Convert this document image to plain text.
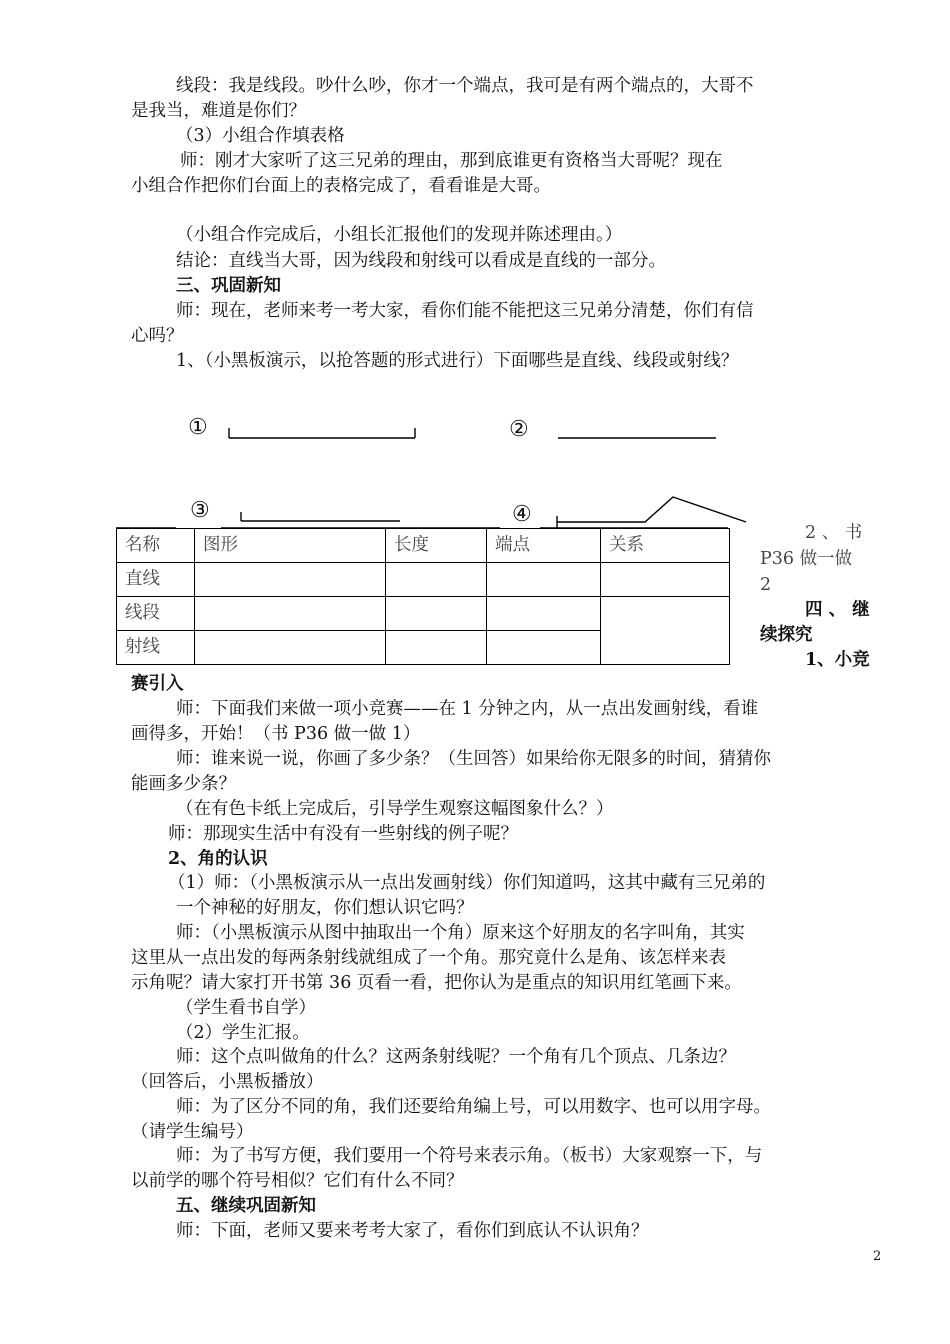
线段：我是线段。吵什么吵，你才一个端点，我可是有两个端点的，大哥不
是我当，难道是你们？
（3）小组合作填表格
师：刚才大家听了这三兄弟的理由，那到底谁更有资格当大哥呢？现在
小组合作把你们台面上的表格完成了，看看谁是大哥。
（小组合作完成后，小组长汇报他们的发现并陈述理由。）
结论：直线当大哥，因为线段和射线可以看成是直线的一部分。
三、巩固新知
师：现在，老师来考一考大家，看你们能不能把这三兄弟分清楚，你们有信
心吗？
1、（小黑板演示，以抢答题的形式进行）下面哪些是直线、线段或射线？
①	②
③	④
名称	图形	长度	端点	关系
直线				
线段				
射线				
2 、 书
P36 做一做
2
四 、 继
续探究
1、小竞
赛引入
师：下面我们来做一项小竞赛——在 1 分钟之内，从一点出发画射线，看谁
画得多，开始！（书 P36 做一做 1）
师：谁来说一说，你画了多少条？（生回答）如果给你无限多的时间，猜猜你
能画多少条？
（在有色卡纸上完成后，引导学生观察这幅图象什么？）
师：那现实生活中有没有一些射线的例子呢？
2、角的认识
（1）师：（小黑板演示从一点出发画射线）你们知道吗，这其中藏有三兄弟的
一个神秘的好朋友，你们想认识它吗？
师：（小黑板演示从图中抽取出一个角）原来这个好朋友的名字叫角，其实
这里从一点出发的每两条射线就组成了一个角。那究竟什么是角、该怎样来表
示角呢？请大家打开书第 36 页看一看，把你认为是重点的知识用红笔画下来。
（学生看书自学）
（2）学生汇报。
师：这个点叫做角的什么？这两条射线呢？一个角有几个顶点、几条边？
（回答后，小黑板播放）
师：为了区分不同的角，我们还要给角编上号，可以用数字、也可以用字母。
（请学生编号）
师：为了书写方便，我们要用一个符号来表示角。（板书）大家观察一下，与
以前学的哪个符号相似？它们有什么不同？
五、继续巩固新知
师：下面，老师又要来考考大家了，看你们到底认不认识角？
2
